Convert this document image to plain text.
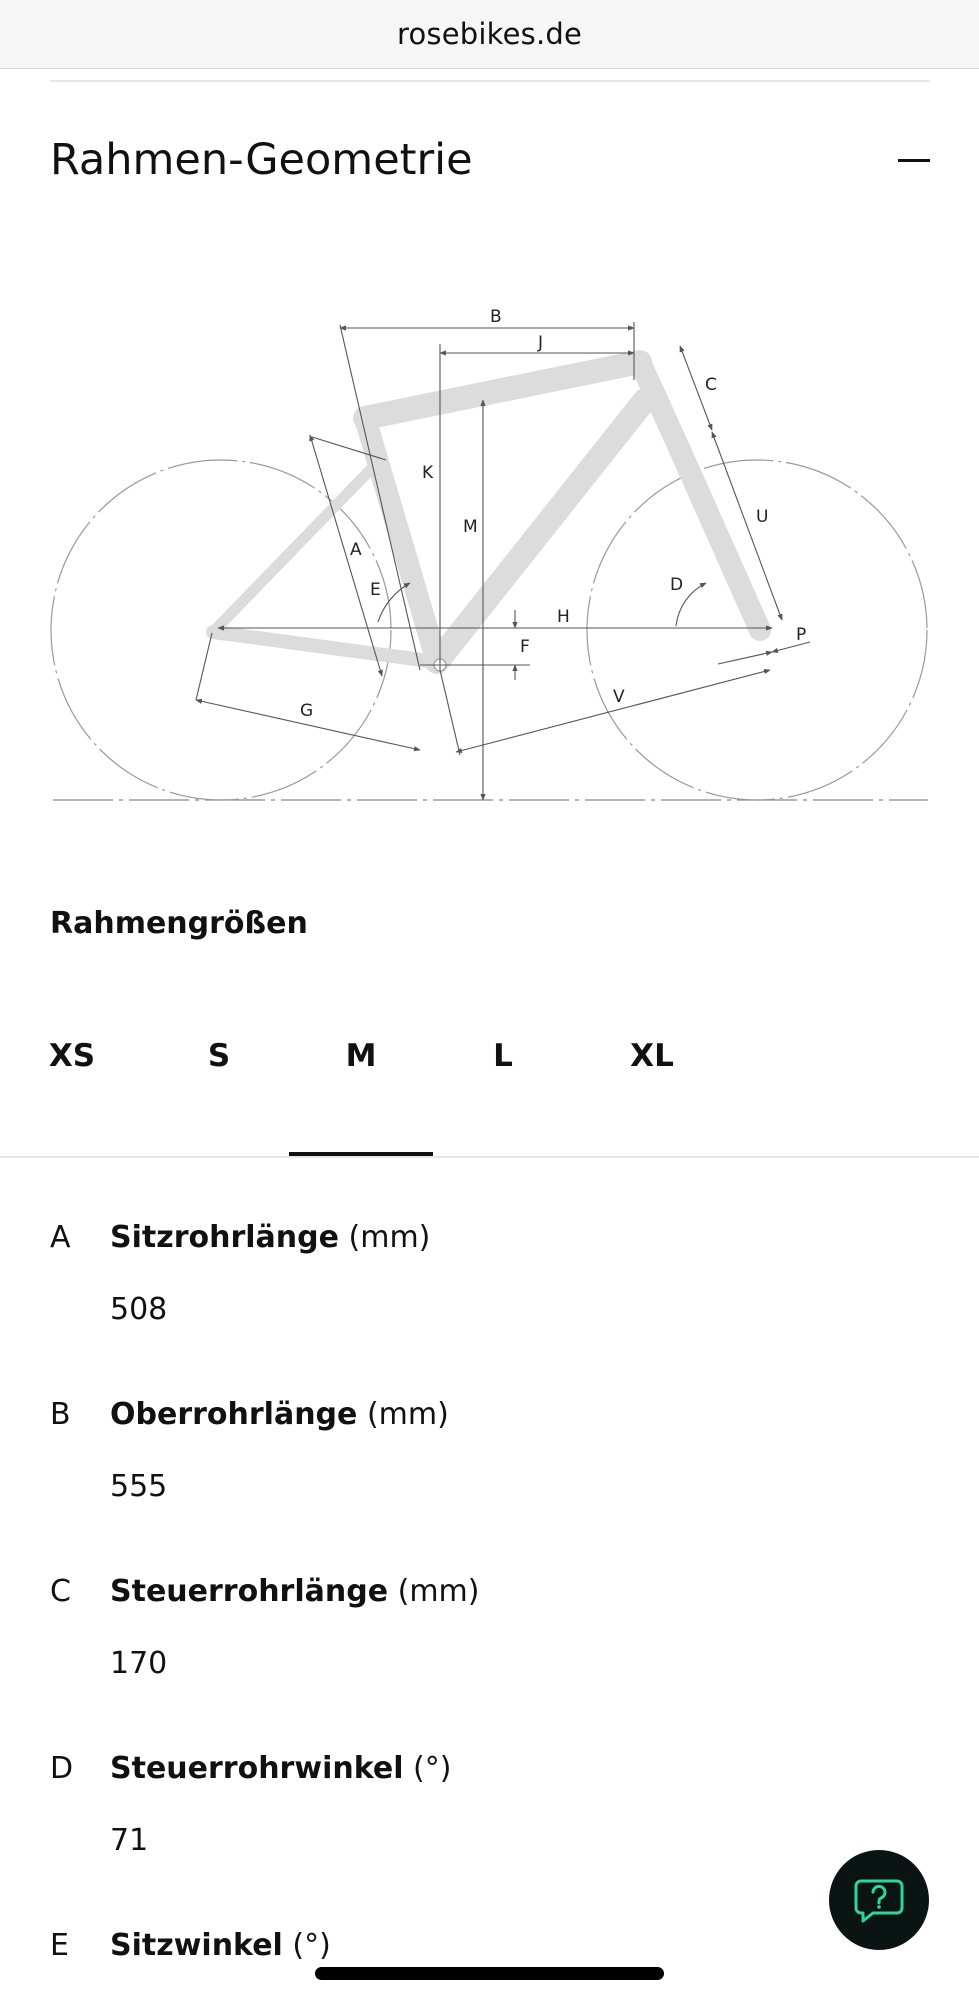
rosebikes.de
Rahmen-Geometrie
B
J
C
K
M
A
E	D
U
H
F
P
G
V
Rahmengrößen
XS	S	M	L	XL
A Sitzrohrlänge (mm)
508
B Oberrohrlänge (mm)
555
C Steuerrohrlänge (mm)
170
D Steuerrohrwinkel (°)
71
E Sitzwinkel (°)
